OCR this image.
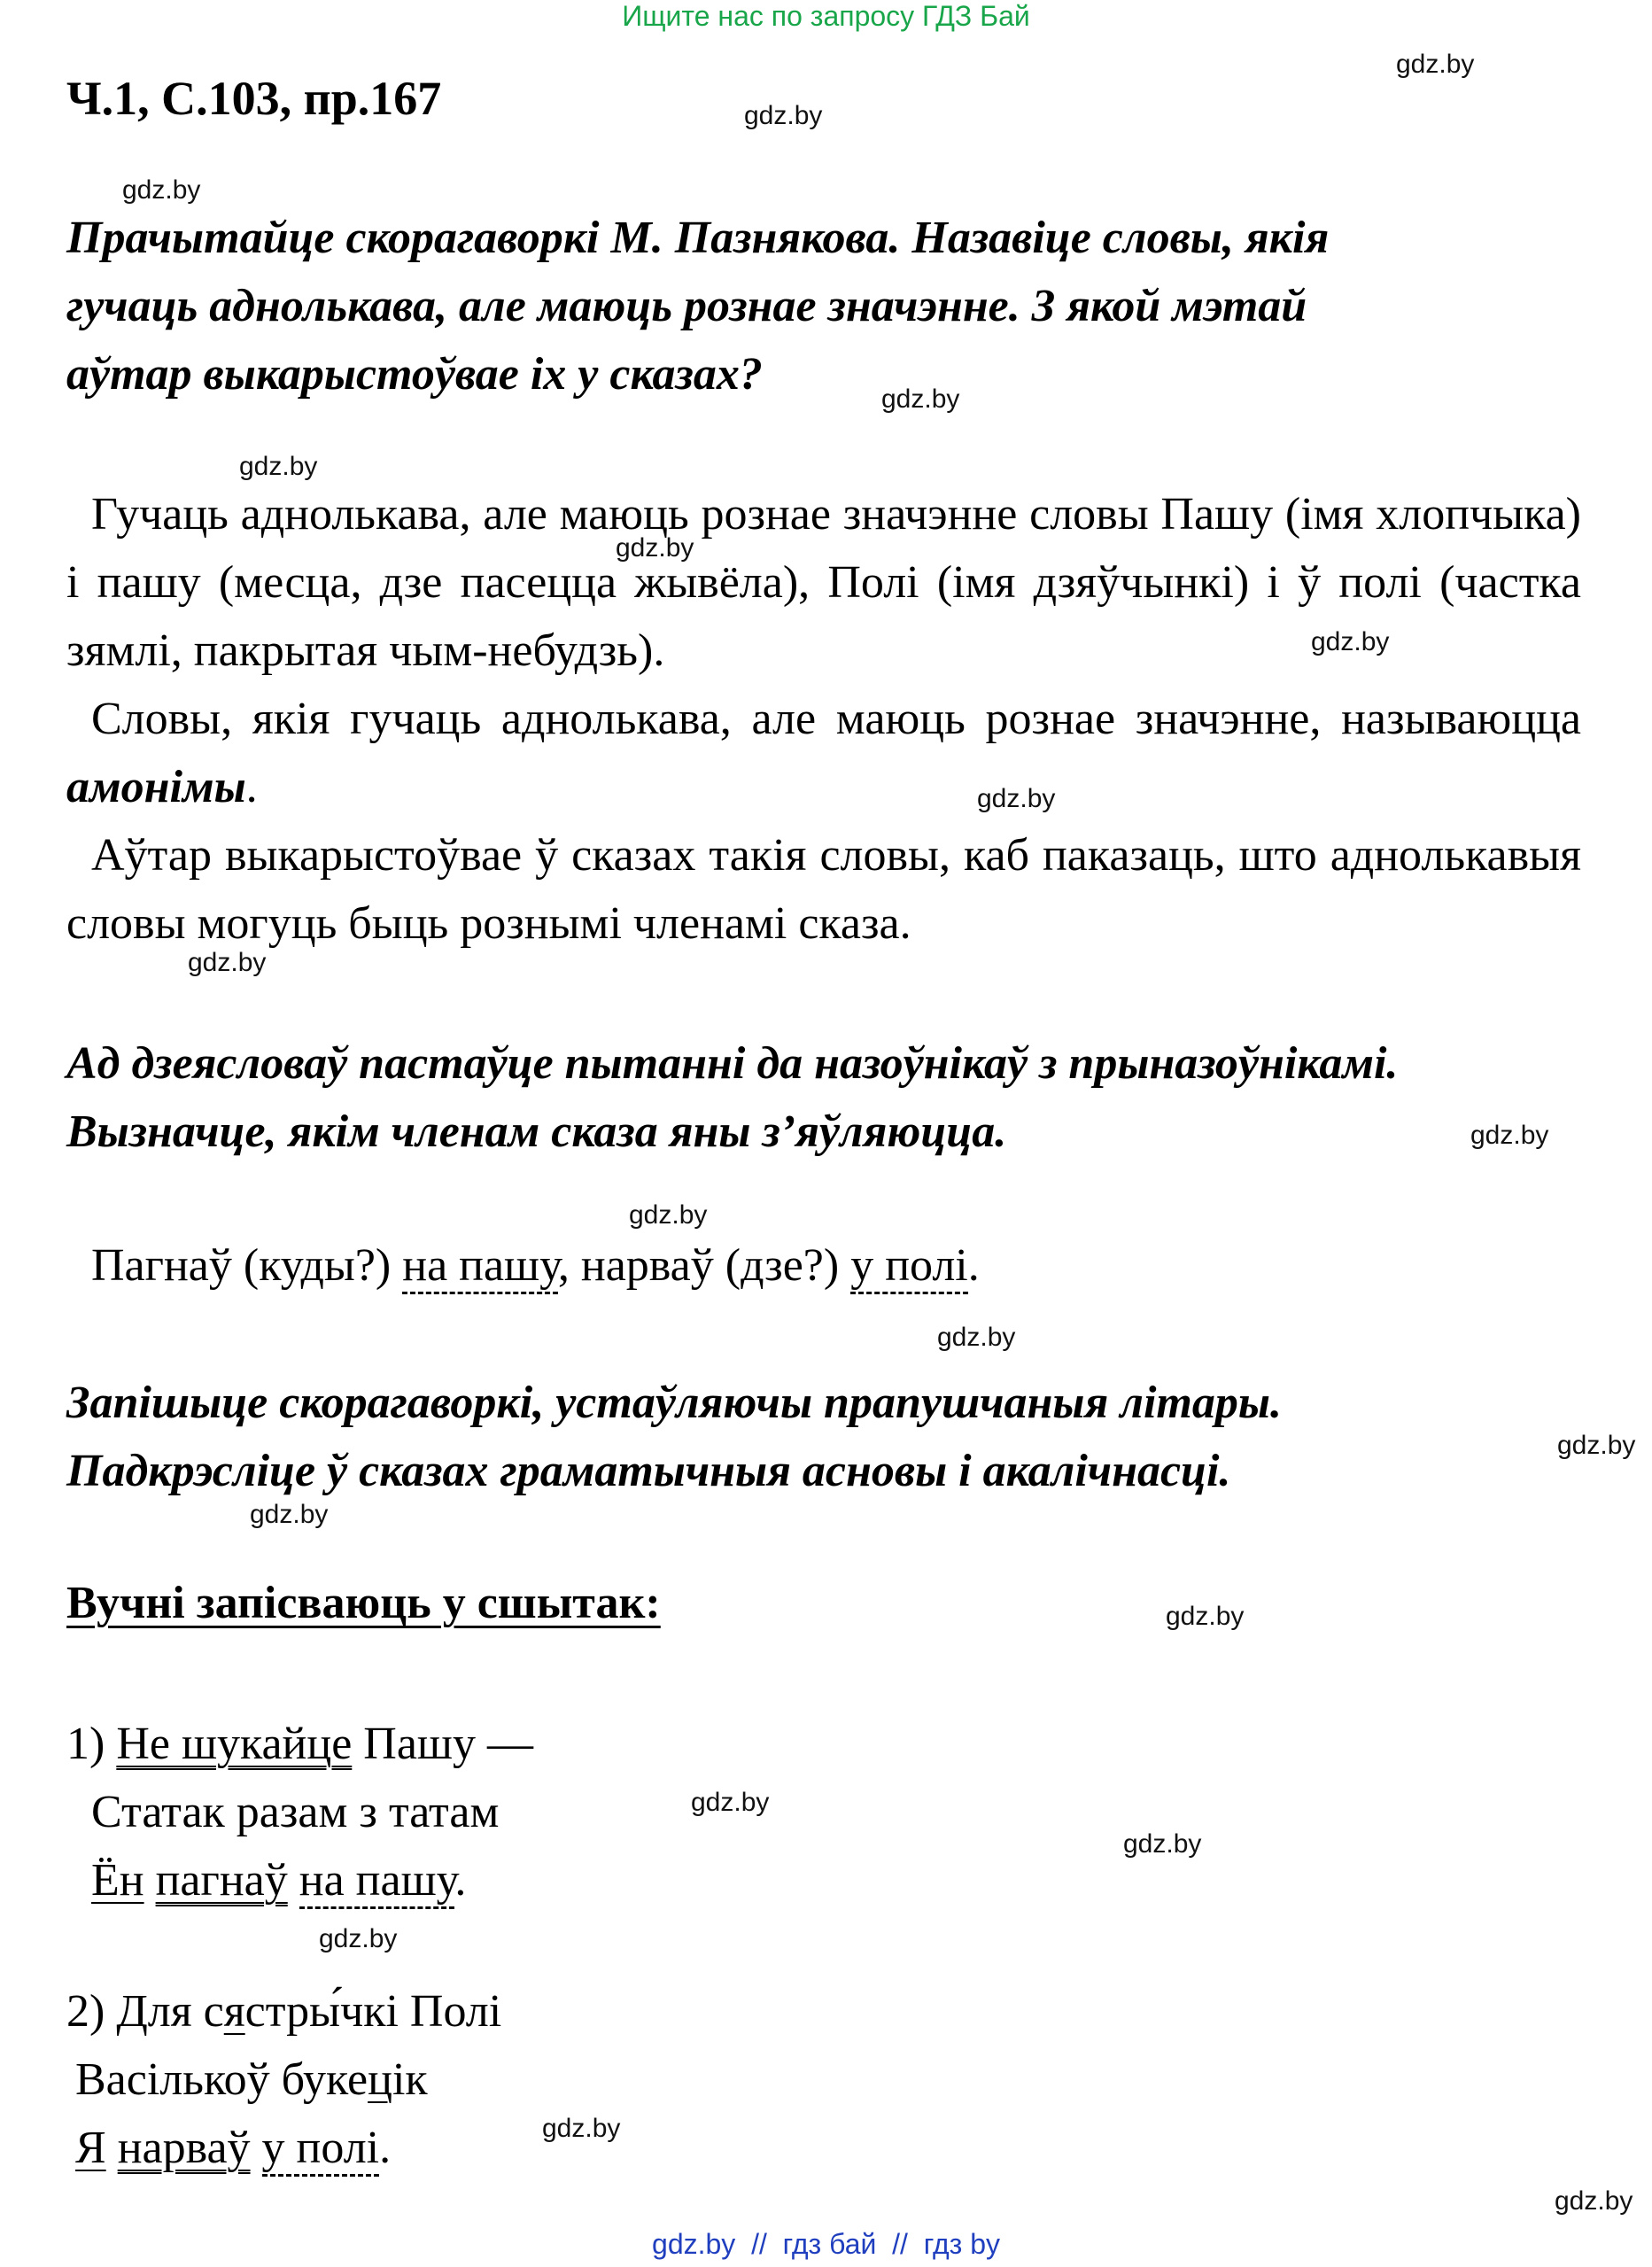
Ищите нас по запросу ГДЗ Бай
gdz.by
gdz.by
gdz.by
gdz.by
gdz.by
gdz.by
gdz.by
gdz.by
gdz.by
gdz.by
gdz.by
gdz.by
gdz.by
gdz.by
gdz.by
gdz.by
gdz.by
gdz.by
gdz.by
gdz.by
Ч.1, С.103, пр.167
Прачытайце скорагаворкі М. Пазнякова. Назавіце словы, якія
гучаць аднолькава, але маюць рознае значэнне. З якой мэтай
аўтар выкарыстоўвае іх у сказах?
Гучаць аднолькава, але маюць рознае значэнне словы Пашу (імя хлопчыка) і пашу (месца, дзе пасецца жывёла), Полі (імя дзяўчынкі) і ў полі (частка зямлі, пакрытая чым-небудзь).
Словы, якія гучаць аднолькава, але маюць рознае значэнне, называюцца амонімы.
Аўтар выкарыстоўвае ў сказах такія словы, каб паказаць, што аднолькавыя словы могуць быць рознымі членамі сказа.
Ад дзеясловаў пастаўце пытанні да назоўнікаў з прыназоўнікамі.
Вызначце, якім членам сказа яны з’яўляюцца.
Пагнаў (куды?) на пашу, нарваў (дзе?) у полі.
Запішыце скорагаворкі, устаўляючы прапушчаныя літары.
Падкрэсліце ў сказах граматычныя асновы і акалічнасці.
Вучні запісваюць у сшытак:
1) Не шукайце Пашу —
Статак разам з татам
Ён пагнаў на пашу.
2) Для сястрыч ́кі Полі
Васількоў букецік
Я нарваў у полі.
gdz.by  //  гдз бай  //  гдз by
